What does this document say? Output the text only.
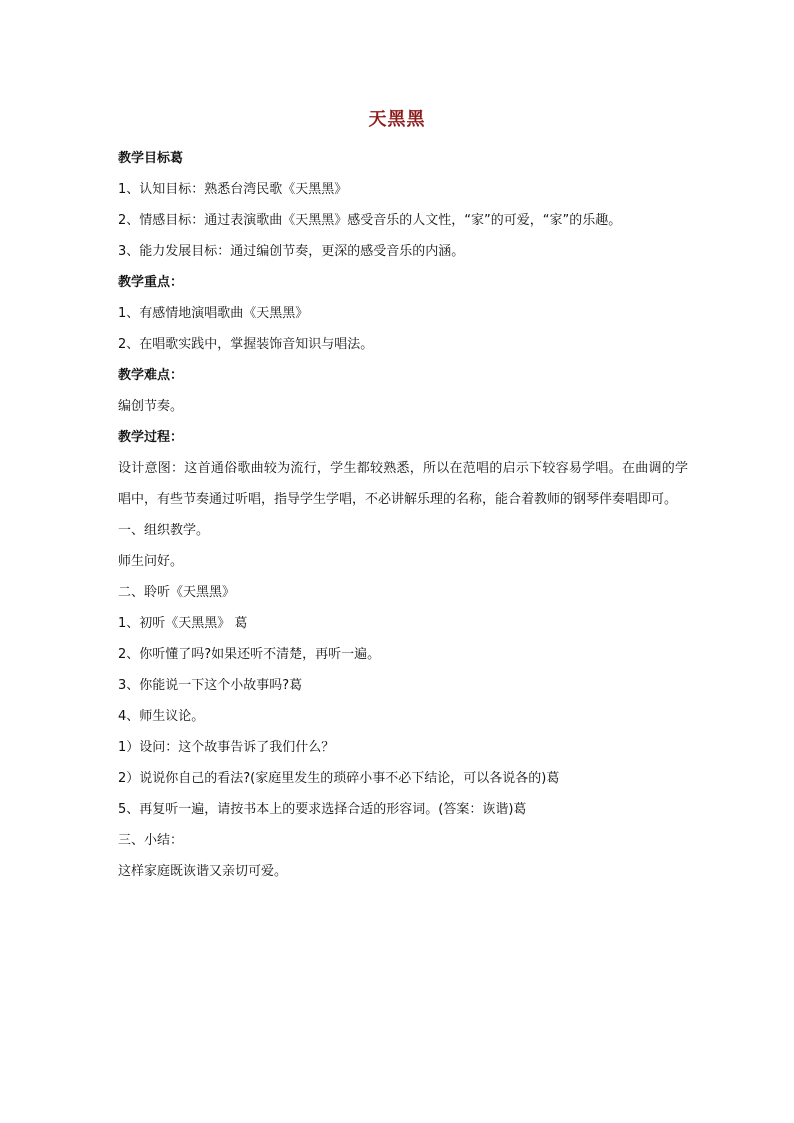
天黑黑

教学目标葛

1、认知目标：熟悉台湾民歌《天黑黑》

2、情感目标：通过表演歌曲《天黑黑》感受音乐的人文性，“家”的可爱，“家”的乐趣。

3、能力发展目标：通过编创节奏，更深的感受音乐的内涵。

教学重点：

1、有感情地演唱歌曲《天黑黑》

2、在唱歌实践中，掌握装饰音知识与唱法。

教学难点：

编创节奏。

教学过程：

设计意图：这首通俗歌曲较为流行，学生都较熟悉，所以在范唱的启示下较容易学唱。在曲调的学唱中，有些节奏通过听唱，指导学生学唱，不必讲解乐理的名称，能合着教师的钢琴伴奏唱即可。

一、组织教学。

师生问好。

二、聆听《天黑黑》

1、初听《天黑黑》 葛

2、你听懂了吗?如果还听不清楚，再听一遍。

3、你能说一下这个小故事吗?葛

4、师生议论。

1）设问：这个故事告诉了我们什么？

2）说说你自己的看法?(家庭里发生的琐碎小事不必下结论，可以各说各的)葛

5、再复听一遍，请按书本上的要求选择合适的形容词。(答案：诙谐)葛

三、小结：

这样家庭既诙谐又亲切可爱。
